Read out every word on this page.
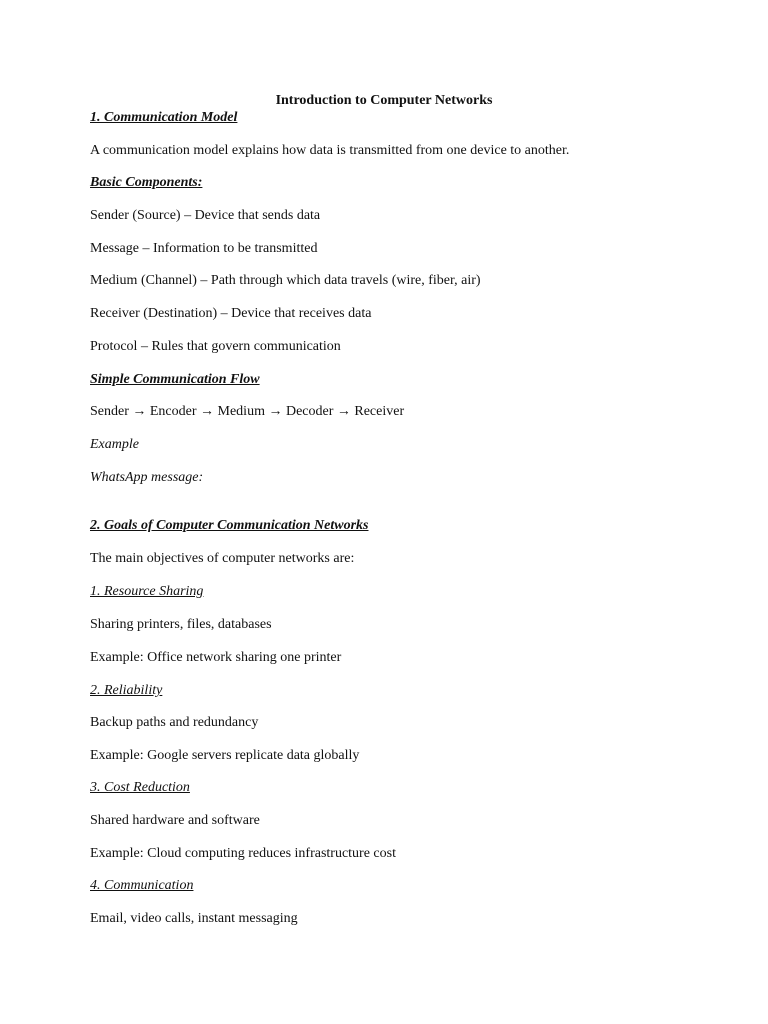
Introduction to Computer Networks
1. Communication Model
A communication model explains how data is transmitted from one device to another.
Basic Components:
Sender (Source) – Device that sends data
Message – Information to be transmitted
Medium (Channel) – Path through which data travels (wire, fiber, air)
Receiver (Destination) – Device that receives data
Protocol – Rules that govern communication
Simple Communication Flow
Sender → Encoder → Medium → Decoder → Receiver
Example
WhatsApp message:
2. Goals of Computer Communication Networks
The main objectives of computer networks are:
1. Resource Sharing
Sharing printers, files, databases
Example: Office network sharing one printer
2. Reliability
Backup paths and redundancy
Example: Google servers replicate data globally
3. Cost Reduction
Shared hardware and software
Example: Cloud computing reduces infrastructure cost
4. Communication
Email, video calls, instant messaging
